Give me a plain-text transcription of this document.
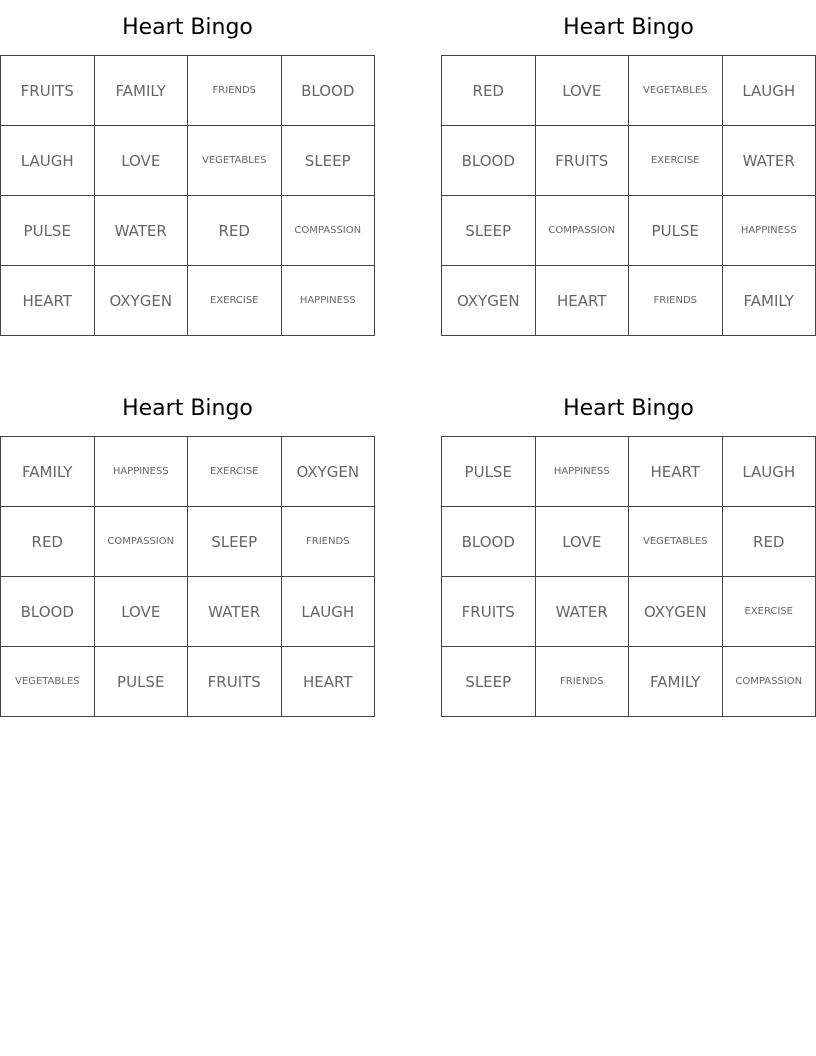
Heart Bingo
FRUITS	FAMILY	FRIENDS	BLOOD
LAUGH	LOVE	VEGETABLES	SLEEP
PULSE	WATER	RED	COMPASSION
HEART	OXYGEN	EXERCISE	HAPPINESS
Heart Bingo
RED	LOVE	VEGETABLES	LAUGH
BLOOD	FRUITS	EXERCISE	WATER
SLEEP	COMPASSION	PULSE	HAPPINESS
OXYGEN	HEART	FRIENDS	FAMILY
Heart Bingo
FAMILY	HAPPINESS	EXERCISE	OXYGEN
RED	COMPASSION	SLEEP	FRIENDS
BLOOD	LOVE	WATER	LAUGH
VEGETABLES	PULSE	FRUITS	HEART
Heart Bingo
PULSE	HAPPINESS	HEART	LAUGH
BLOOD	LOVE	VEGETABLES	RED
FRUITS	WATER	OXYGEN	EXERCISE
SLEEP	FRIENDS	FAMILY	COMPASSION
